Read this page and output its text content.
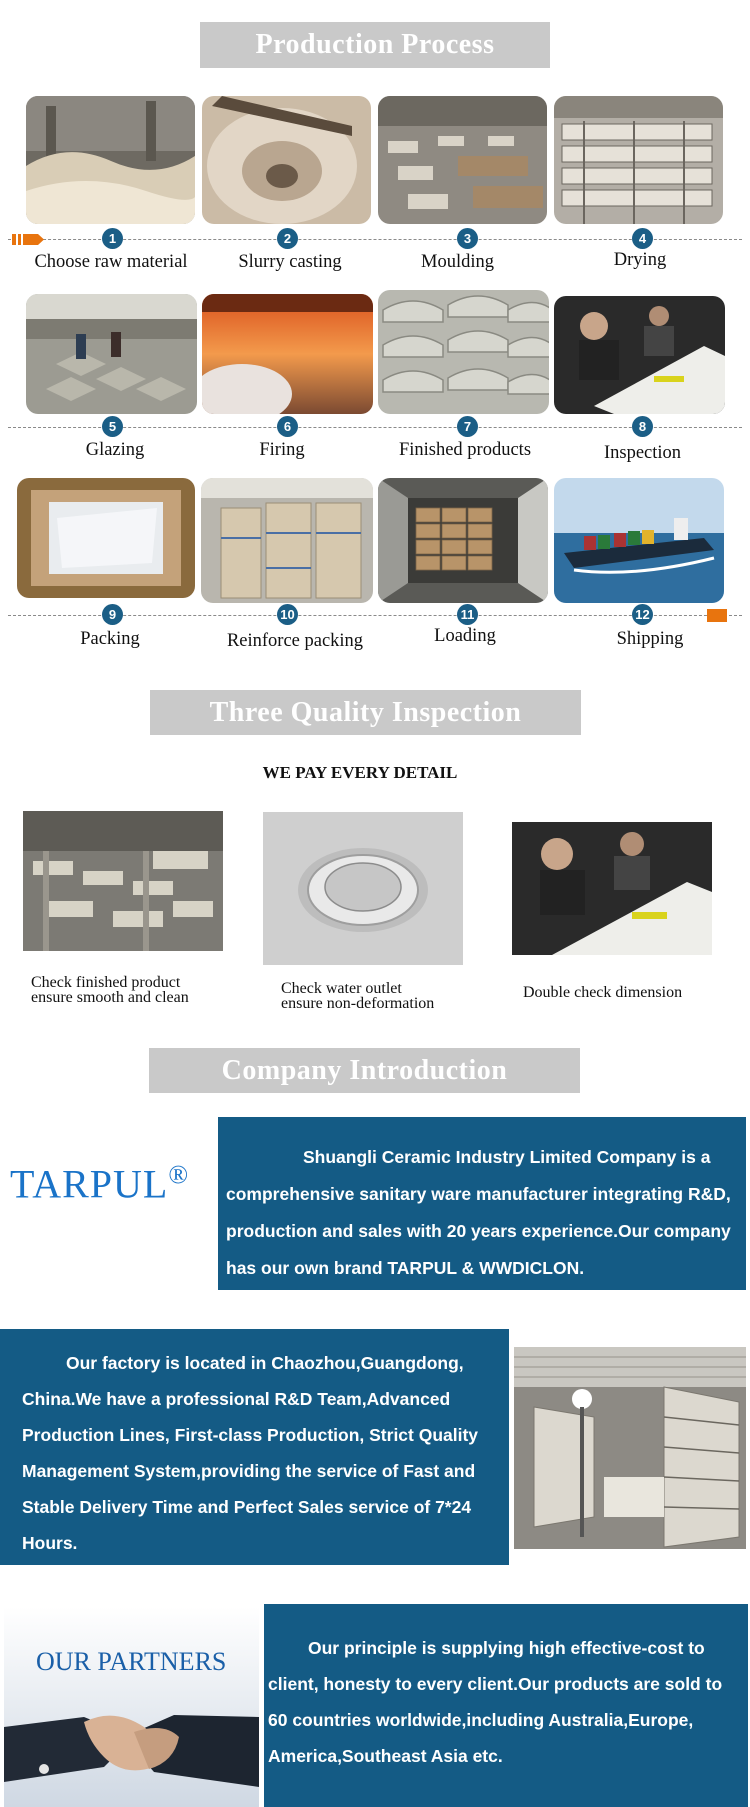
Production Process
1	2	3	4
Choose raw material	Slurry casting	Moulding	Drying
5	6	7	8
Glazing	Firing	Finished products	Inspection
9	10	11	12
Packing	Reinforce packing	Loading	Shipping
Three Quality Inspection
WE PAY EVERY DETAIL
Check finished product
ensure smooth and clean
Check water outlet
ensure non-deformation
Double check dimension
Company Introduction
TARPUL®

Shuangli Ceramic Industry Limited Company is a comprehensive sanitary ware manufacturer integrating R&D, production and sales with 20 years experience.Our company has our own brand TARPUL & WWDICLON.

Our factory is located in Chaozhou,Guangdong, China.We have a professional R&D Team,Advanced Production Lines, First-class Production, Strict Quality Management System,providing the service of Fast and Stable Delivery Time and Perfect Sales service of 7*24 Hours.

OUR PARTNERS	Our principle is supplying high effective-cost to client, honesty to every client.Our products are sold to 60 countries worldwide,including Australia,Europe, America,Southeast Asia etc.
